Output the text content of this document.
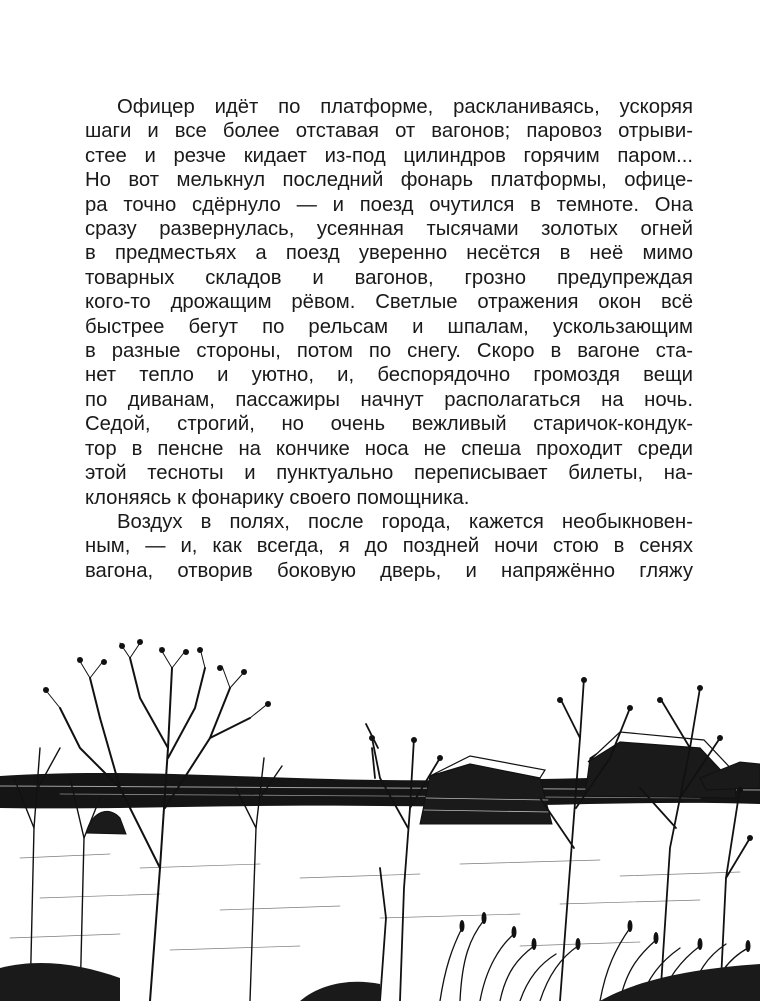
Офицер идёт по платформе, раскланиваясь, ускоряя
шаги и все более отставая от вагонов; паровоз отрыви-
стее и резче кидает из-под цилиндров горячим паром...
Но вот мелькнул последний фонарь платформы, офице-
ра точно сдёрнуло — и поезд очутился в темноте. Она
сразу развернулась, усеянная тысячами золотых огней
в предместьях а поезд уверенно несётся в неё мимо
товарных складов и вагонов, грозно предупреждая
кого-то дрожащим рёвом. Светлые отражения окон всё
быстрее бегут по рельсам и шпалам, ускользающим
в разные стороны, потом по снегу. Скоро в вагоне ста-
нет тепло и уютно, и, беспорядочно громоздя вещи
по диванам, пассажиры начнут располагаться на ночь.
Седой, строгий, но очень вежливый старичок-кондук-
тор в пенсне на кончике носа не спеша проходит среди
этой тесноты и пунктуально переписывает билеты, на-
клоняясь к фонарику своего помощника.
Воздух в полях, после города, кажется необыкновен-
ным, — и, как всегда, я до поздней ночи стою в сенях
вагона, отворив боковую дверь, и напряжённо гляжу
